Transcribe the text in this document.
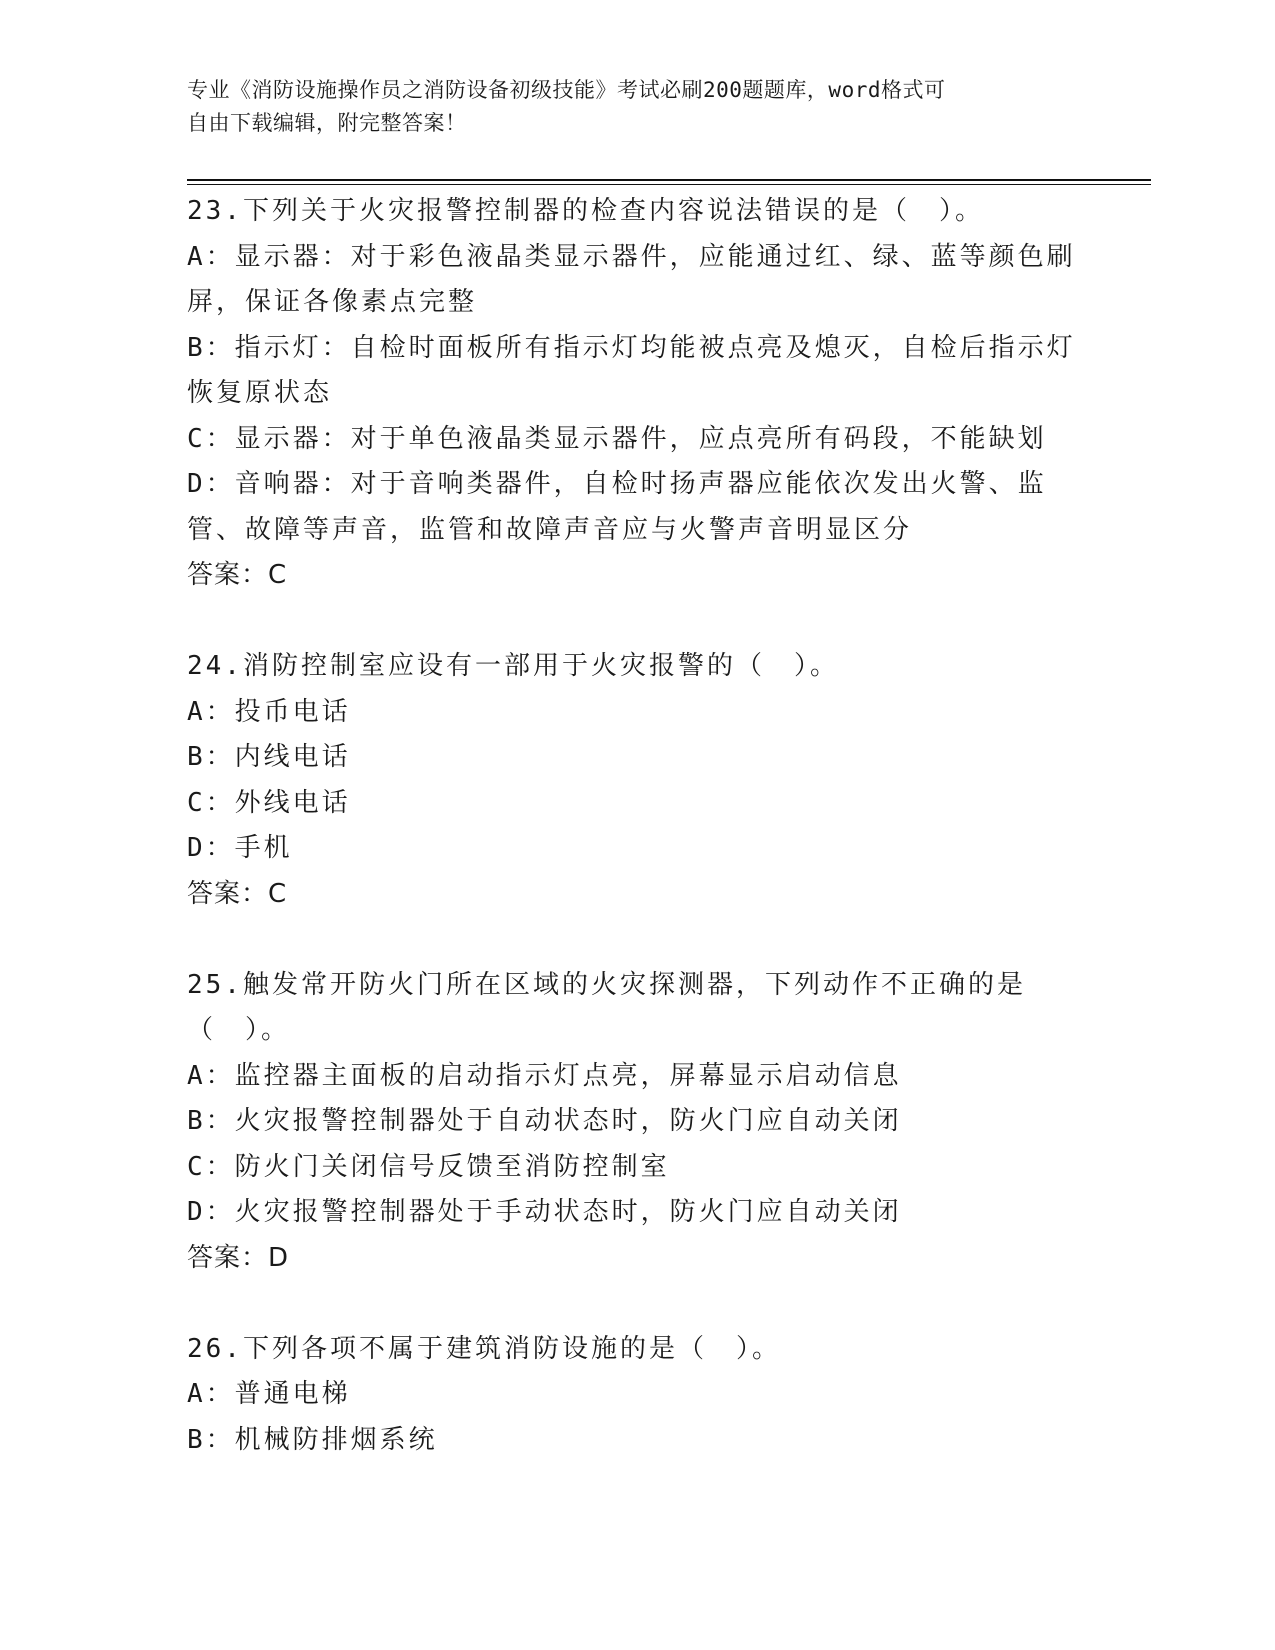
专业《消防设施操作员之消防设备初级技能》考试必刷200题题库，word格式可
自由下载编辑，附完整答案！
23.下列关于火灾报警控制器的检查内容说法错误的是（　）。
A：显示器：对于彩色液晶类显示器件，应能通过红、绿、蓝等颜色刷屏，保证各像素点完整
B：指示灯：自检时面板所有指示灯均能被点亮及熄灭，自检后指示灯恢复原状态
C：显示器：对于单色液晶类显示器件，应点亮所有码段，不能缺划
D：音响器：对于音响类器件，自检时扬声器应能依次发出火警、监管、故障等声音，监管和故障声音应与火警声音明显区分
答案：C
24.消防控制室应设有一部用于火灾报警的（　）。
A：投币电话
B：内线电话
C：外线电话
D：手机
答案：C
25.触发常开防火门所在区域的火灾探测器，下列动作不正确的是（　）。
A：监控器主面板的启动指示灯点亮，屏幕显示启动信息
B：火灾报警控制器处于自动状态时，防火门应自动关闭
C：防火门关闭信号反馈至消防控制室
D：火灾报警控制器处于手动状态时，防火门应自动关闭
答案：D
26.下列各项不属于建筑消防设施的是（　）。
A：普通电梯
B：机械防排烟系统
